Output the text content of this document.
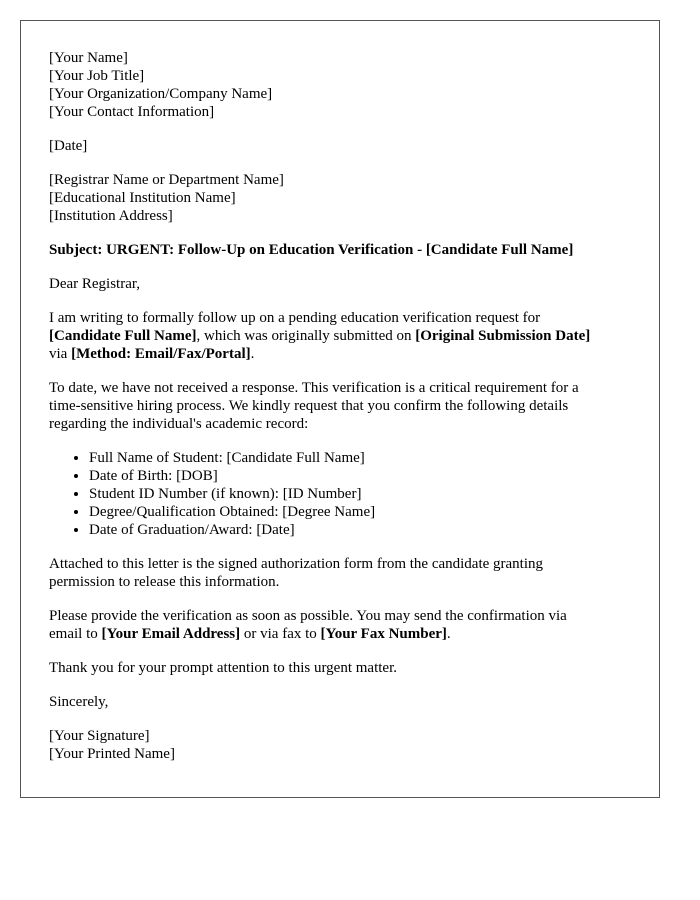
[Your Name]
[Your Job Title]
[Your Organization/Company Name]
[Your Contact Information]

[Date]

[Registrar Name or Department Name]
[Educational Institution Name]
[Institution Address]

Subject: URGENT: Follow-Up on Education Verification - [Candidate Full Name]

Dear Registrar,

I am writing to formally follow up on a pending education verification request for
[Candidate Full Name], which was originally submitted on [Original Submission Date]
via [Method: Email/Fax/Portal].

To date, we have not received a response. This verification is a critical requirement for a
time-sensitive hiring process. We kindly request that you confirm the following details
regarding the individual's academic record:

• Full Name of Student: [Candidate Full Name]
• Date of Birth: [DOB]
• Student ID Number (if known): [ID Number]
• Degree/Qualification Obtained: [Degree Name]
• Date of Graduation/Award: [Date]

Attached to this letter is the signed authorization form from the candidate granting
permission to release this information.

Please provide the verification as soon as possible. You may send the confirmation via
email to [Your Email Address] or via fax to [Your Fax Number].

Thank you for your prompt attention to this urgent matter.

Sincerely,

[Your Signature]
[Your Printed Name]
